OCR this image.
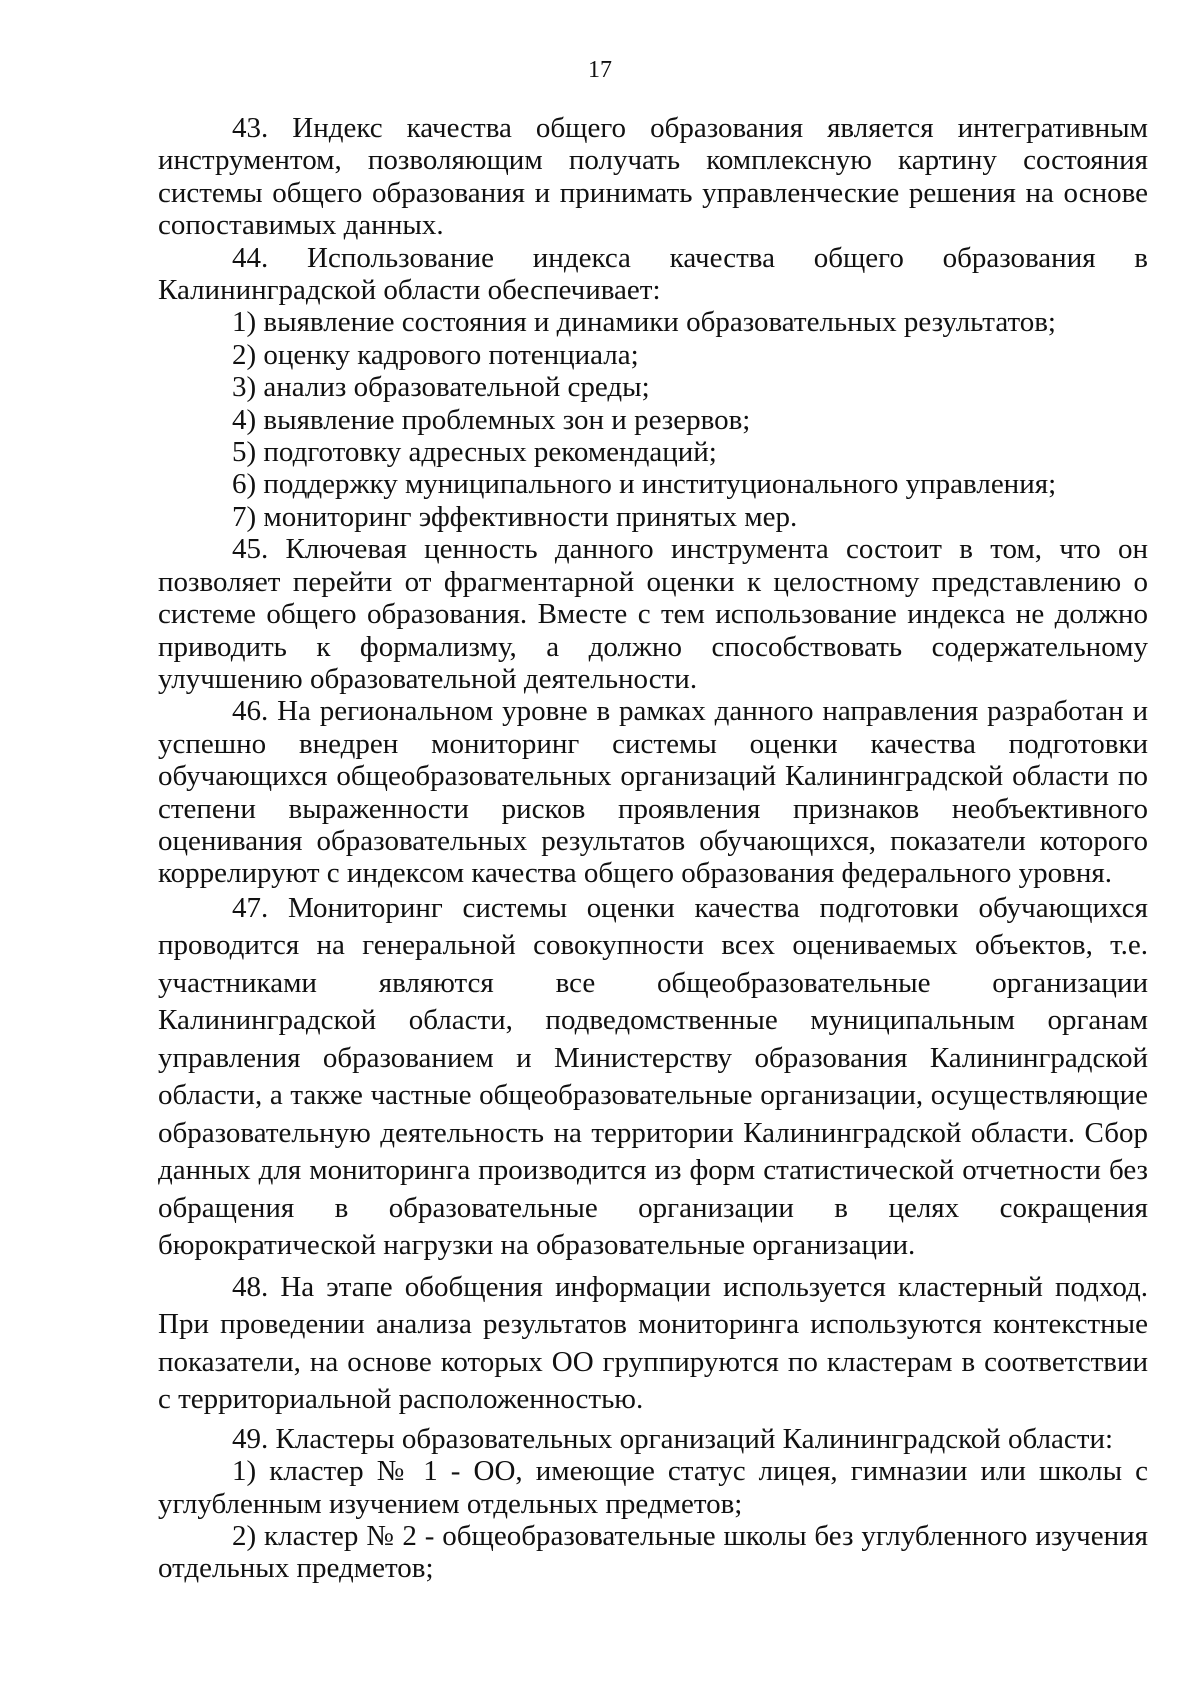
17

43. Индекс качества общего образования является интегративным инструментом, позволяющим получать комплексную картину состояния системы общего образования и принимать управленческие решения на основе сопоставимых данных.

44. Использование индекса качества общего образования в Калининградской области обеспечивает:

1) выявление состояния и динамики образовательных результатов;

2) оценку кадрового потенциала;

3) анализ образовательной среды;

4) выявление проблемных зон и резервов;

5) подготовку адресных рекомендаций;

6) поддержку муниципального и институционального управления;

7) мониторинг эффективности принятых мер.

45. Ключевая ценность данного инструмента состоит в том, что он позволяет перейти от фрагментарной оценки к целостному представлению о системе общего образования. Вместе с тем использование индекса не должно приводить к формализму, а должно способствовать содержательному улучшению образовательной деятельности.

46. На региональном уровне в рамках данного направления разработан и успешно внедрен мониторинг системы оценки качества подготовки обучающихся общеобразовательных организаций Калининградской области по степени выраженности рисков проявления признаков необъективного оценивания образовательных результатов обучающихся, показатели которого коррелируют с индексом качества общего образования федерального уровня.

47. Мониторинг системы оценки качества подготовки обучающихся проводится на генеральной совокупности всех оцениваемых объектов, т.е. участниками являются все общеобразовательные организации Калининградской области, подведомственные муниципальным органам управления образованием и Министерству образования Калининградской области, а также частные общеобразовательные организации, осуществляющие образовательную деятельность на территории Калининградской области. Сбор данных для мониторинга производится из форм статистической отчетности без обращения в образовательные организации в целях сокращения бюрократической нагрузки на образовательные организации.

48. На этапе обобщения информации используется кластерный подход. При проведении анализа результатов мониторинга используются контекстные показатели, на основе которых ОО группируются по кластерам в соответствии с территориальной расположенностью.

49. Кластеры образовательных организаций Калининградской области:

1) кластер № 1 - ОО, имеющие статус лицея, гимназии или школы с углубленным изучением отдельных предметов;

2) кластер № 2 - общеобразовательные школы без углубленного изучения отдельных предметов;
